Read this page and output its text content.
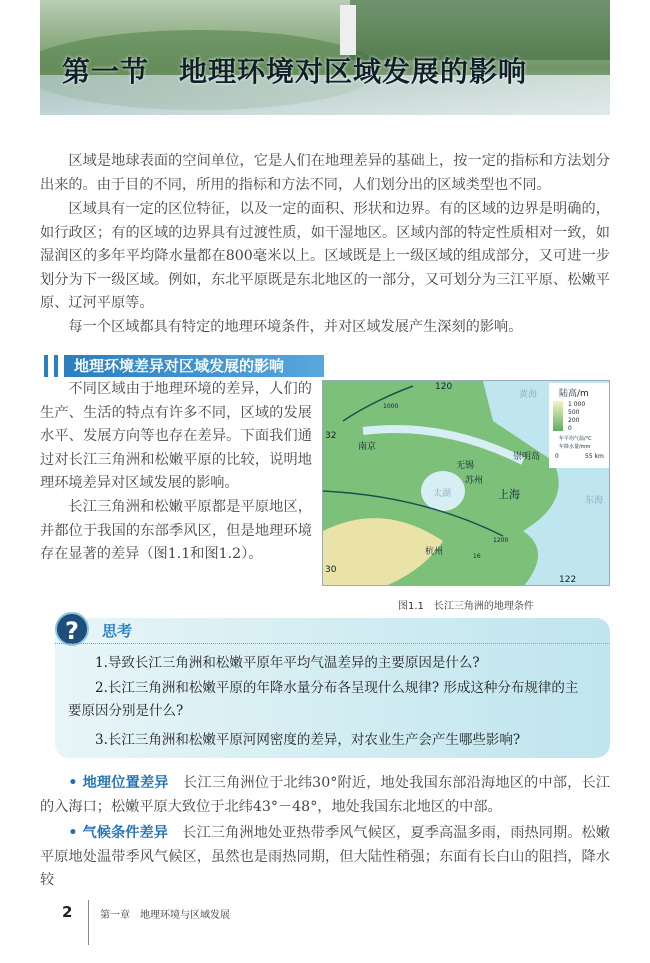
第一节 地理环境对区域发展的影响

区域是地球表面的空间单位，它是人们在地理差异的基础上，按一定的指标和方法划分出来的。由于目的不同，所用的指标和方法不同，人们划分出的区域类型也不同。

区域具有一定的区位特征，以及一定的面积、形状和边界。有的区域的边界是明确的，如行政区；有的区域的边界具有过渡性质，如干湿地区。区域内部的特定性质相对一致，如湿润区的多年平均降水量都在800毫米以上。区域既是上一级区域的组成部分，又可进一步划分为下一级区域。例如，东北平原既是东北地区的一部分，又可划分为三江平原、松嫩平原、辽河平原等。

每一个区域都具有特定的地理环境条件，并对区域发展产生深刻的影响。

地理环境差异对区域发展的影响

不同区域由于地理环境的差异，人们的生产、生活的特点有许多不同，区域的发展水平、发展方向等也存在差异。下面我们通过对长江三角洲和松嫩平原的比较，说明地理环境差异对区域发展的影响。

长江三角洲和松嫩平原都是平原地区，并都位于我国的东部季风区，但是地理环境存在显著的差异（图1.1和图1.2）。

陆高/m
1 000
500
200
0
年平均气温/°C
年降水量/mm
0	55 km
南京
无锡
苏州
上海
杭州
崇明岛
太湖
黄海
东海
120
122
30
32
1000
1200
16
图1.1　长江三角洲的地理条件
?	思考
1.导致长江三角洲和松嫩平原年平均气温差异的主要原因是什么?
2.长江三角洲和松嫩平原的年降水量分布各呈现什么规律? 形成这种分布规律的主要原因分别是什么?
3.长江三角洲和松嫩平原河网密度的差异，对农业生产会产生哪些影响?

• 地理位置差异　 长江三角洲位于北纬30°附近，地处我国东部沿海地区的中部，长江的入海口；松嫩平原大致位于北纬43°－48°，地处我国东北地区的中部。

• 气候条件差异　 长江三角洲地处亚热带季风气候区，夏季高温多雨，雨热同期。松嫩平原地处温带季风气候区，虽然也是雨热同期，但大陆性稍强；东面有长白山的阻挡，降水较

2	第一章　地理环境与区域发展
